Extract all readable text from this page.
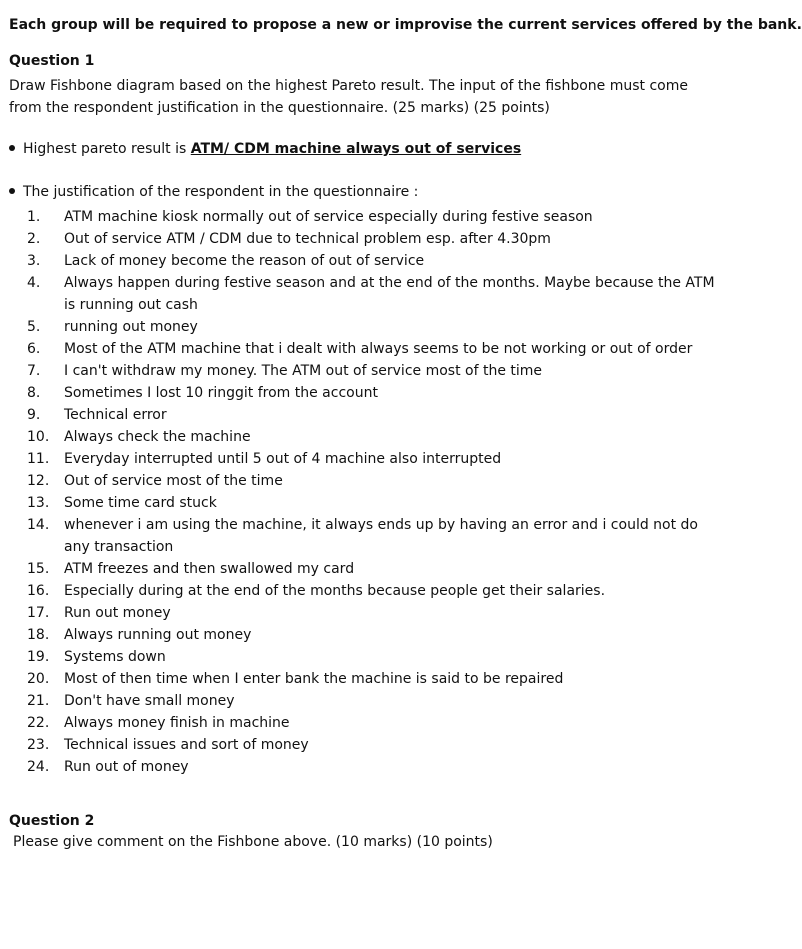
Each group will be required to propose a new or improvise the current services offered by the bank.
Question 1
Draw Fishbone diagram based on the highest Pareto result. The input of the fishbone must come from the respondent justification in the questionnaire. (25 marks) (25 points)
Highest pareto result is ATM/ CDM machine always out of services
The justification of the respondent in the questionnaire :
1.	ATM machine kiosk normally out of service especially during festive season
2.	Out of service ATM / CDM due to technical problem esp. after 4.30pm
3.	Lack of money become the reason of out of service
4.	Always happen during festive season and at the end of the months. Maybe because the ATM is running out cash
5.	running out money
6.	Most of the ATM machine that i dealt with always seems to be not working or out of order
7.	I can't withdraw my money. The ATM out of service most of the time
8.	Sometimes I lost 10 ringgit from the account
9.	Technical error
10.	Always check the machine
11.	Everyday interrupted until 5 out of 4 machine also interrupted
12.	Out of service most of the time
13.	Some time card stuck
14.	whenever i am using the machine, it always ends up by having an error and i could not do any transaction
15.	ATM freezes and then swallowed my card
16.	Especially during at the end of the months because people get their salaries.
17.	Run out money
18.	Always running out money
19.	Systems down
20.	Most of then time when I enter bank the machine is said to be repaired
21.	Don't have small money
22.	Always money finish in machine
23.	Technical issues and sort of money
24.	Run out of money
Question 2
Please give comment on the Fishbone above. (10 marks) (10 points)
